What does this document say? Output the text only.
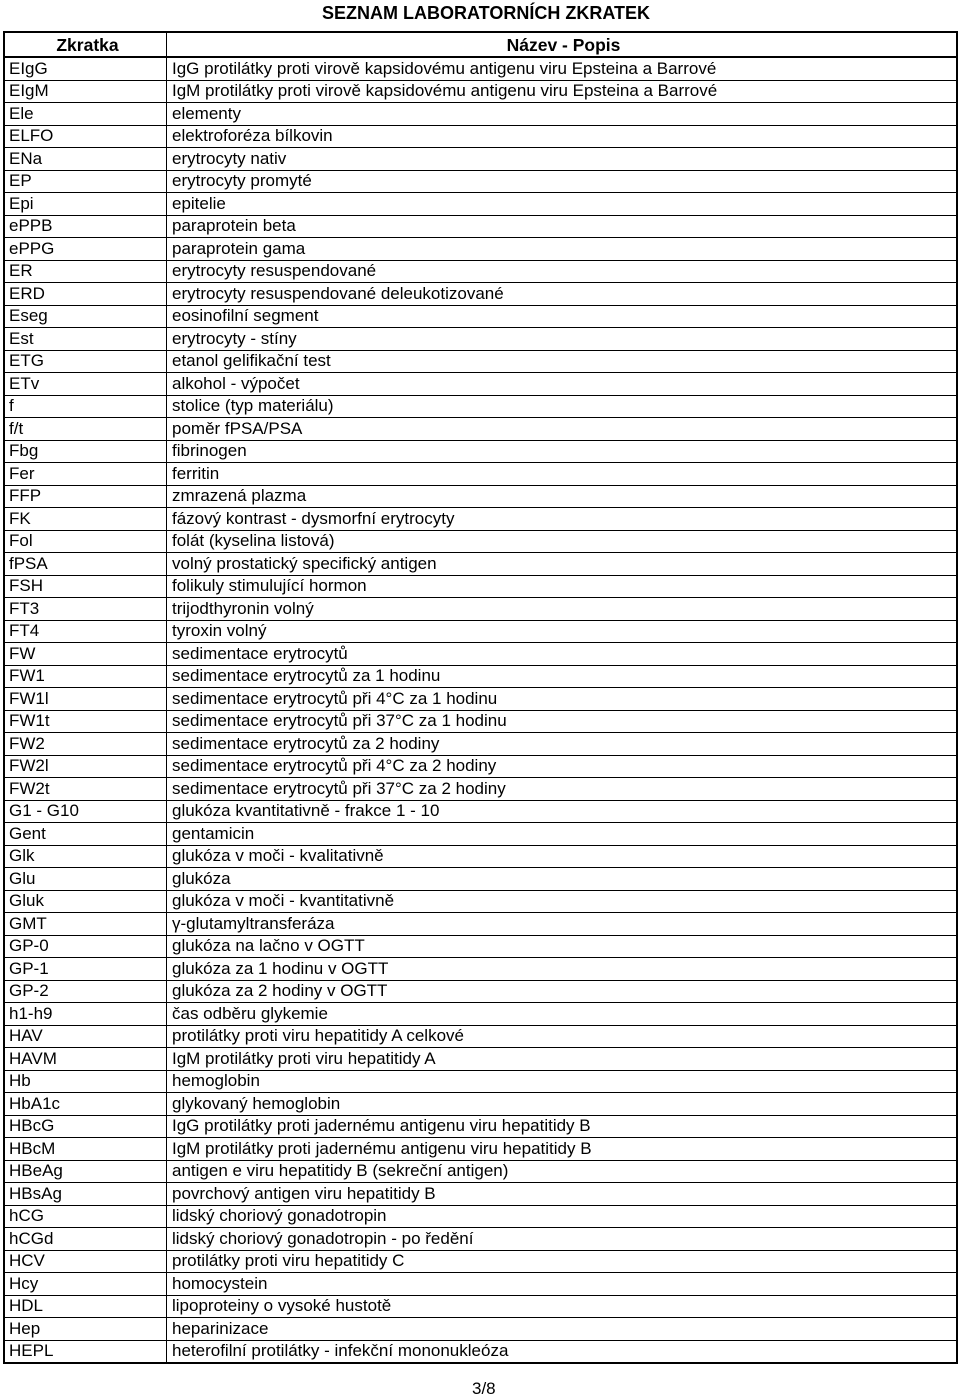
SEZNAM LABORATORNÍCH ZKRATEK
Zkratka	Název - Popis
EIgG	IgG protilátky proti virově kapsidovému antigenu viru Epsteina a Barrové
EIgM	IgM protilátky proti virově kapsidovému antigenu viru Epsteina a Barrové
Ele	elementy
ELFO	elektroforéza bílkovin
ENa	erytrocyty nativ
EP	erytrocyty promyté
Epi	epitelie
ePPB	paraprotein beta
ePPG	paraprotein gama
ER	erytrocyty resuspendované
ERD	erytrocyty resuspendované deleukotizované
Eseg	eosinofilní segment
Est	erytrocyty - stíny
ETG	etanol gelifikační test
ETv	alkohol - výpočet
f	stolice (typ materiálu)
f/t	poměr fPSA/PSA
Fbg	fibrinogen
Fer	ferritin
FFP	zmrazená plazma
FK	fázový kontrast - dysmorfní erytrocyty
Fol	folát (kyselina listová)
fPSA	volný prostatický specifický antigen
FSH	folikuly stimulující hormon
FT3	trijodthyronin volný
FT4	tyroxin volný
FW	sedimentace erytrocytů
FW1	sedimentace erytrocytů za 1 hodinu
FW1l	sedimentace erytrocytů při 4°C za 1 hodinu
FW1t	sedimentace erytrocytů při 37°C za 1 hodinu
FW2	sedimentace erytrocytů za 2 hodiny
FW2l	sedimentace erytrocytů při 4°C za 2 hodiny
FW2t	sedimentace erytrocytů při 37°C za 2 hodiny
G1 - G10	glukóza kvantitativně - frakce 1 - 10
Gent	gentamicin
Glk	glukóza v moči - kvalitativně
Glu	glukóza
Gluk	glukóza v moči - kvantitativně
GMT	γ-glutamyltransferáza
GP-0	glukóza na lačno v OGTT
GP-1	glukóza za 1 hodinu v OGTT
GP-2	glukóza za 2 hodiny v OGTT
h1-h9	čas odběru glykemie
HAV	protilátky proti viru hepatitidy A celkové
HAVM	IgM protilátky proti viru hepatitidy A
Hb	hemoglobin
HbA1c	glykovaný hemoglobin
HBcG	IgG protilátky proti jadernému antigenu viru hepatitidy B
HBcM	IgM protilátky proti jadernému antigenu viru hepatitidy B
HBeAg	antigen e viru hepatitidy B (sekreční antigen)
HBsAg	povrchový antigen viru hepatitidy B
hCG	lidský choriový gonadotropin
hCGd	lidský choriový gonadotropin - po ředění
HCV	protilátky proti viru hepatitidy C
Hcy	homocystein
HDL	lipoproteiny o vysoké hustotě
Hep	heparinizace
HEPL	heterofilní protilátky - infekční mononukleóza
3/8
